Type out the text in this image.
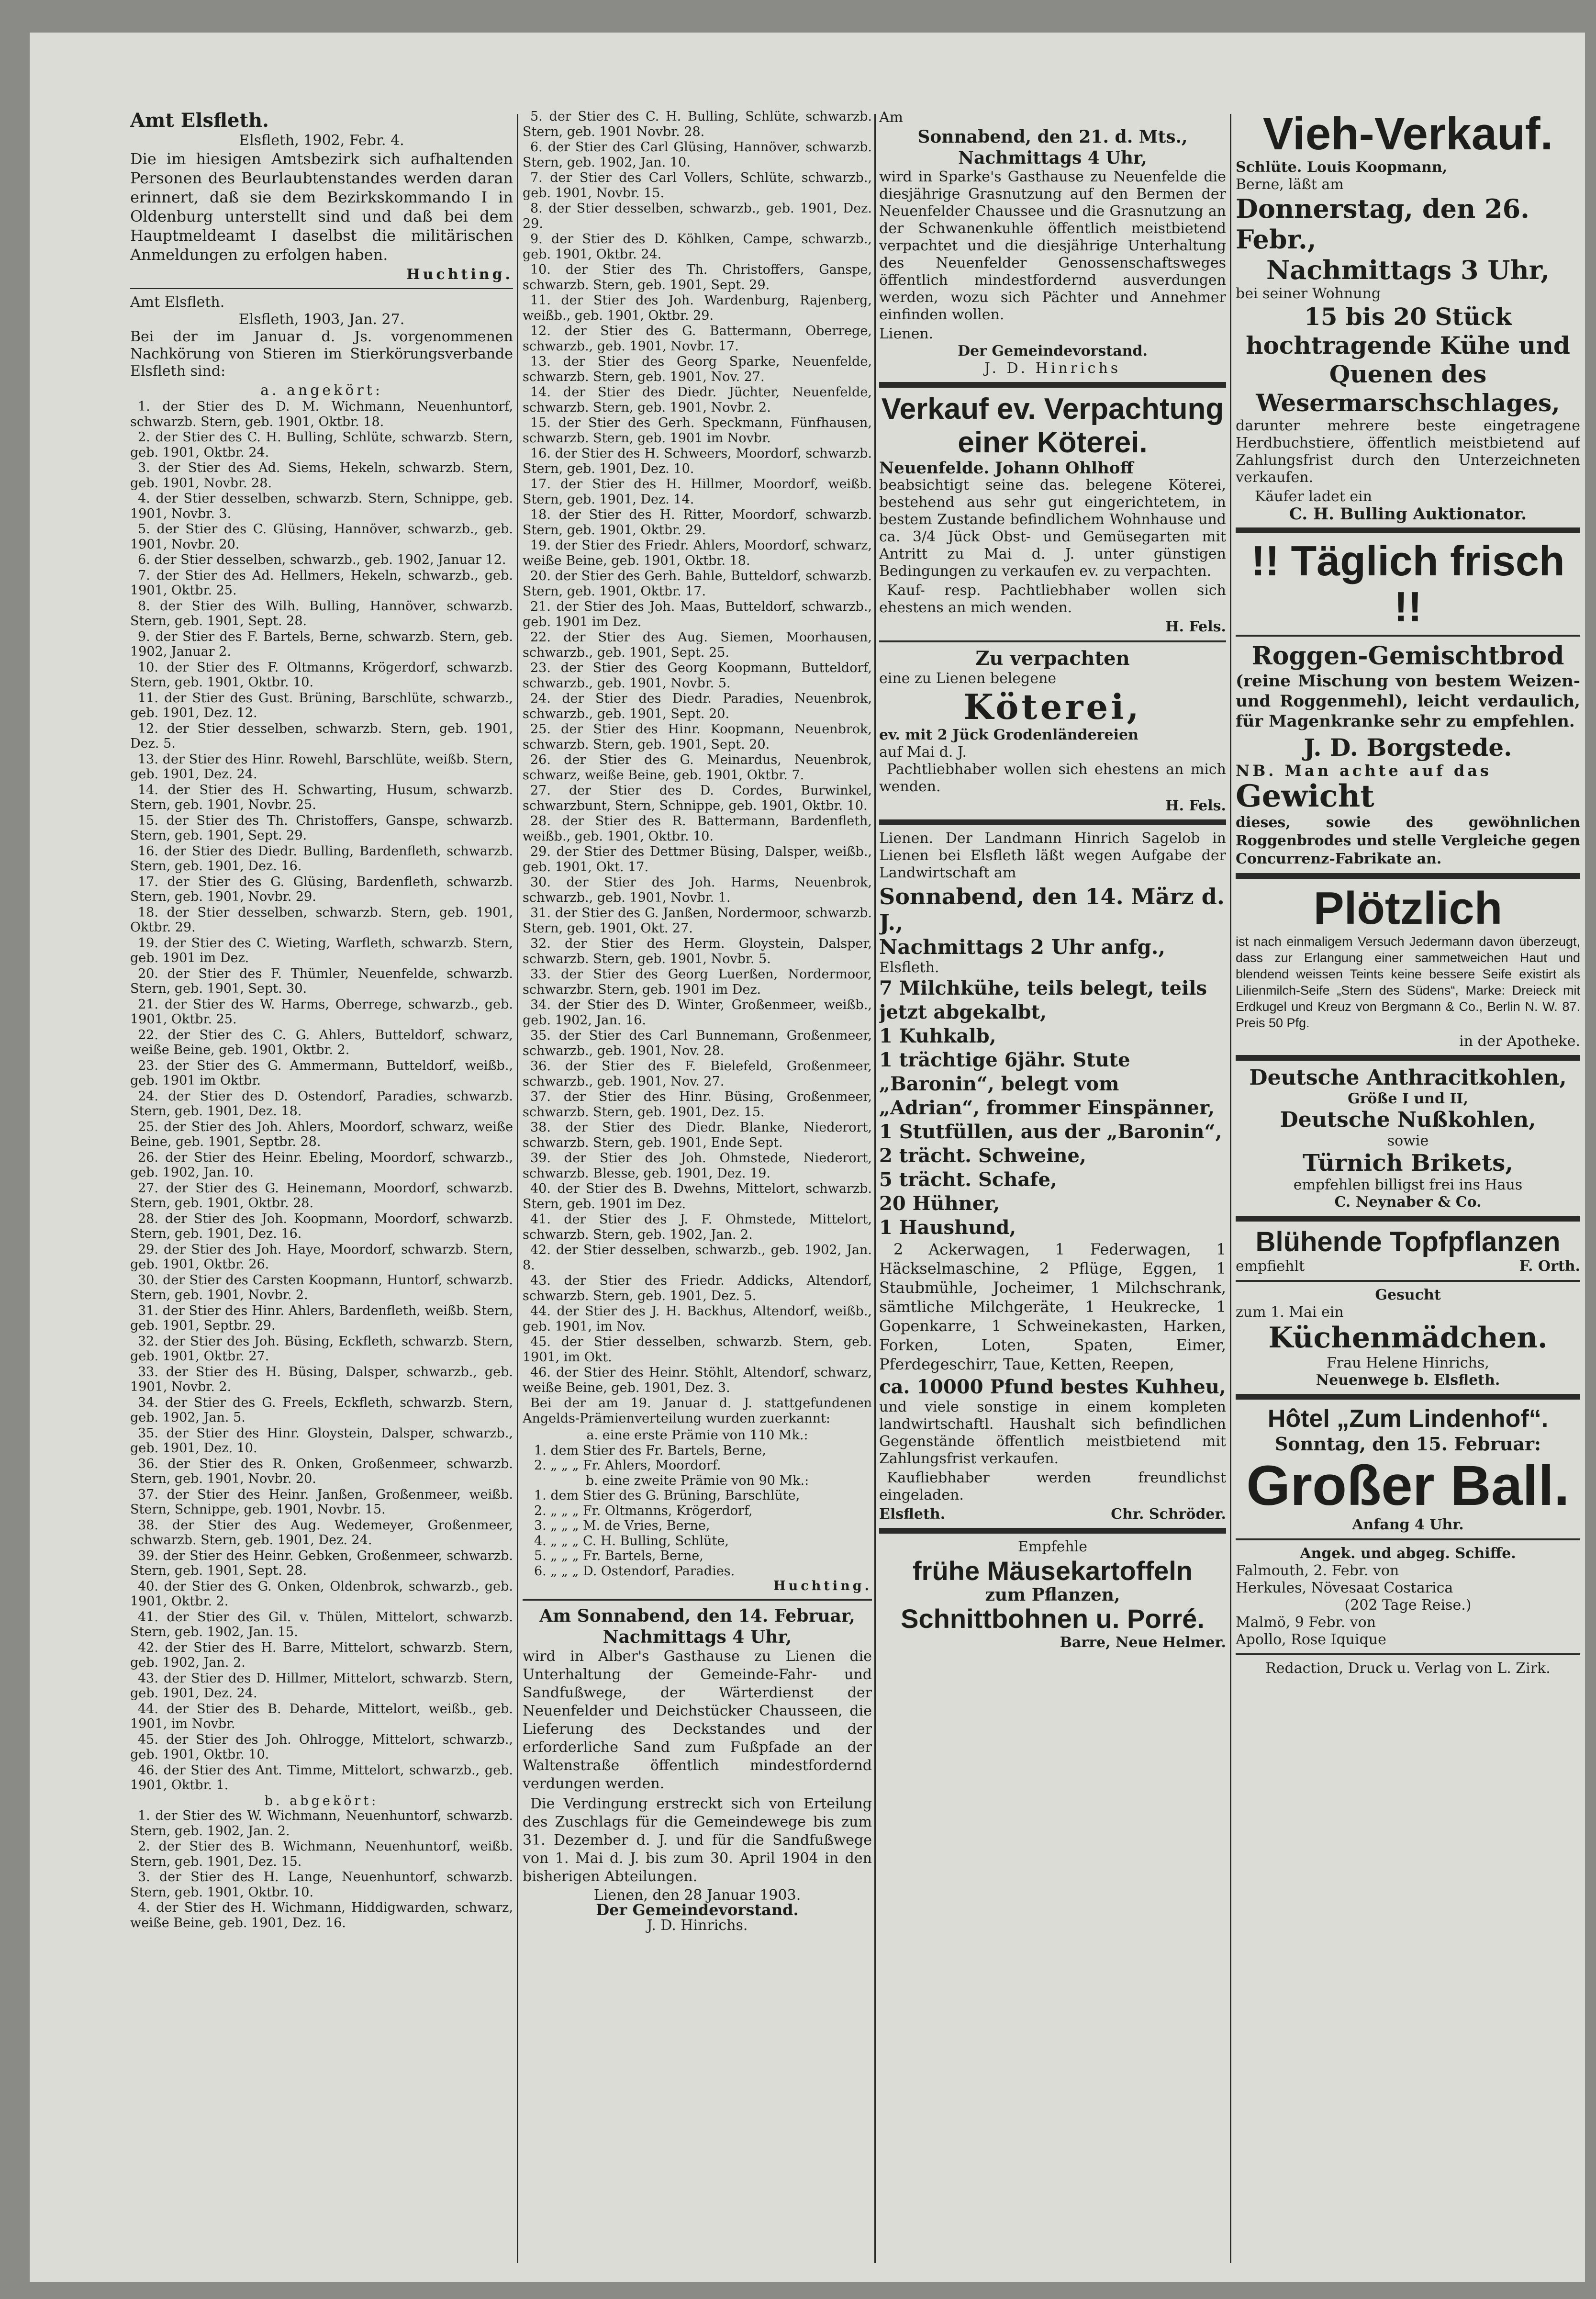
Amt Elsfleth.
Elsfleth, 1902, Febr. 4.

Die im hiesigen Amtsbezirk sich aufhaltenden Personen des Beurlaubtenstandes werden daran erinnert, daß sie dem Bezirkskommando I in Oldenburg unterstellt sind und daß bei dem Hauptmeldeamt I daselbst die militärischen Anmeldungen zu erfolgen haben.

Huchting.
Amt Elsfleth.
Elsfleth, 1903, Jan. 27.

Bei der im Januar d. Js. vorgenommenen Nachkörung von Stieren im Stierkörungsverbande Elsfleth sind:

a. angekört:
1. der Stier des D. M. Wichmann, Neuenhuntorf, schwarzb. Stern, geb. 1901, Oktbr. 18.
2. der Stier des C. H. Bulling, Schlüte, schwarzb. Stern, geb. 1901, Oktbr. 24.
3. der Stier des Ad. Siems, Hekeln, schwarzb. Stern, geb. 1901, Novbr. 28.
4. der Stier desselben, schwarzb. Stern, Schnippe, geb. 1901, Novbr. 3.
5. der Stier des C. Glüsing, Hannöver, schwarzb., geb. 1901, Novbr. 20.
6. der Stier desselben, schwarzb., geb. 1902, Januar 12.
7. der Stier des Ad. Hellmers, Hekeln, schwarzb., geb. 1901, Oktbr. 25.
8. der Stier des Wilh. Bulling, Hannöver, schwarzb. Stern, geb. 1901, Sept. 28.
9. der Stier des F. Bartels, Berne, schwarzb. Stern, geb. 1902, Januar 2.
10. der Stier des F. Oltmanns, Krögerdorf, schwarzb. Stern, geb. 1901, Oktbr. 10.
11. der Stier des Gust. Brüning, Barschlüte, schwarzb., geb. 1901, Dez. 12.
12. der Stier desselben, schwarzb. Stern, geb. 1901, Dez. 5.
13. der Stier des Hinr. Rowehl, Barschlüte, weißb. Stern, geb. 1901, Dez. 24.
14. der Stier des H. Schwarting, Husum, schwarzb. Stern, geb. 1901, Novbr. 25.
15. der Stier des Th. Christoffers, Ganspe, schwarzb. Stern, geb. 1901, Sept. 29.
16. der Stier des Diedr. Bulling, Bardenfleth, schwarzb. Stern, geb. 1901, Dez. 16.
17. der Stier des G. Glüsing, Bardenfleth, schwarzb. Stern, geb. 1901, Novbr. 29.
18. der Stier desselben, schwarzb. Stern, geb. 1901, Oktbr. 29.
19. der Stier des C. Wieting, Warfleth, schwarzb. Stern, geb. 1901 im Dez.
20. der Stier des F. Thümler, Neuenfelde, schwarzb. Stern, geb. 1901, Sept. 30.
21. der Stier des W. Harms, Oberrege, schwarzb., geb. 1901, Oktbr. 25.
22. der Stier des C. G. Ahlers, Butteldorf, schwarz, weiße Beine, geb. 1901, Oktbr. 2.
23. der Stier des G. Ammermann, Butteldorf, weißb., geb. 1901 im Oktbr.
24. der Stier des D. Ostendorf, Paradies, schwarzb. Stern, geb. 1901, Dez. 18.
25. der Stier des Joh. Ahlers, Moordorf, schwarz, weiße Beine, geb. 1901, Septbr. 28.
26. der Stier des Heinr. Ebeling, Moordorf, schwarzb., geb. 1902, Jan. 10.
27. der Stier des G. Heinemann, Moordorf, schwarzb. Stern, geb. 1901, Oktbr. 28.
28. der Stier des Joh. Koopmann, Moordorf, schwarzb. Stern, geb. 1901, Dez. 16.
29. der Stier des Joh. Haye, Moordorf, schwarzb. Stern, geb. 1901, Oktbr. 26.
30. der Stier des Carsten Koopmann, Huntorf, schwarzb. Stern, geb. 1901, Novbr. 2.
31. der Stier des Hinr. Ahlers, Bardenfleth, weißb. Stern, geb. 1901, Septbr. 29.
32. der Stier des Joh. Büsing, Eckfleth, schwarzb. Stern, geb. 1901, Oktbr. 27.
33. der Stier des H. Büsing, Dalsper, schwarzb., geb. 1901, Novbr. 2.
34. der Stier des G. Freels, Eckfleth, schwarzb. Stern, geb. 1902, Jan. 5.
35. der Stier des Hinr. Gloystein, Dalsper, schwarzb., geb. 1901, Dez. 10.
36. der Stier des R. Onken, Großenmeer, schwarzb. Stern, geb. 1901, Novbr. 20.
37. der Stier des Heinr. Janßen, Großenmeer, weißb. Stern, Schnippe, geb. 1901, Novbr. 15.
38. der Stier des Aug. Wedemeyer, Großenmeer, schwarzb. Stern, geb. 1901, Dez. 24.
39. der Stier des Heinr. Gebken, Großenmeer, schwarzb. Stern, geb. 1901, Sept. 28.
40. der Stier des G. Onken, Oldenbrok, schwarzb., geb. 1901, Oktbr. 2.
41. der Stier des Gil. v. Thülen, Mittelort, schwarzb. Stern, geb. 1902, Jan. 15.
42. der Stier des H. Barre, Mittelort, schwarzb. Stern, geb. 1902, Jan. 2.
43. der Stier des D. Hillmer, Mittelort, schwarzb. Stern, geb. 1901, Dez. 24.
44. der Stier des B. Deharde, Mittelort, weißb., geb. 1901, im Novbr.
45. der Stier des Joh. Ohlrogge, Mittelort, schwarzb., geb. 1901, Oktbr. 10.
46. der Stier des Ant. Timme, Mittelort, schwarzb., geb. 1901, Oktbr. 1.
b. abgekört:
1. der Stier des W. Wichmann, Neuenhuntorf, schwarzb. Stern, geb. 1902, Jan. 2.
2. der Stier des B. Wichmann, Neuenhuntorf, weißb. Stern, geb. 1901, Dez. 15.
3. der Stier des H. Lange, Neuenhuntorf, schwarzb. Stern, geb. 1901, Oktbr. 10.
4. der Stier des H. Wichmann, Hiddigwarden, schwarz, weiße Beine, geb. 1901, Dez. 16.
5. der Stier des C. H. Bulling, Schlüte, schwarzb. Stern, geb. 1901 Novbr. 28.
6. der Stier des Carl Glüsing, Hannöver, schwarzb. Stern, geb. 1902, Jan. 10.
7. der Stier des Carl Vollers, Schlüte, schwarzb., geb. 1901, Novbr. 15.
8. der Stier desselben, schwarzb., geb. 1901, Dez. 29.
9. der Stier des D. Köhlken, Campe, schwarzb., geb. 1901, Oktbr. 24.
10. der Stier des Th. Christoffers, Ganspe, schwarzb. Stern, geb. 1901, Sept. 29.
11. der Stier des Joh. Wardenburg, Rajenberg, weißb., geb. 1901, Oktbr. 29.
12. der Stier des G. Battermann, Oberrege, schwarzb., geb. 1901, Novbr. 17.
13. der Stier des Georg Sparke, Neuenfelde, schwarzb. Stern, geb. 1901, Nov. 27.
14. der Stier des Diedr. Jüchter, Neuenfelde, schwarzb. Stern, geb. 1901, Novbr. 2.
15. der Stier des Gerh. Speckmann, Fünfhausen, schwarzb. Stern, geb. 1901 im Novbr.
16. der Stier des H. Schweers, Moordorf, schwarzb. Stern, geb. 1901, Dez. 10.
17. der Stier des H. Hillmer, Moordorf, weißb. Stern, geb. 1901, Dez. 14.
18. der Stier des H. Ritter, Moordorf, schwarzb. Stern, geb. 1901, Oktbr. 29.
19. der Stier des Friedr. Ahlers, Moordorf, schwarz, weiße Beine, geb. 1901, Oktbr. 18.
20. der Stier des Gerh. Bahle, Butteldorf, schwarzb. Stern, geb. 1901, Oktbr. 17.
21. der Stier des Joh. Maas, Butteldorf, schwarzb., geb. 1901 im Dez.
22. der Stier des Aug. Siemen, Moorhausen, schwarzb., geb. 1901, Sept. 25.
23. der Stier des Georg Koopmann, Butteldorf, schwarzb., geb. 1901, Novbr. 5.
24. der Stier des Diedr. Paradies, Neuenbrok, schwarzb., geb. 1901, Sept. 20.
25. der Stier des Hinr. Koopmann, Neuenbrok, schwarzb. Stern, geb. 1901, Sept. 20.
26. der Stier des G. Meinardus, Neuenbrok, schwarz, weiße Beine, geb. 1901, Oktbr. 7.
27. der Stier des D. Cordes, Burwinkel, schwarzbunt, Stern, Schnippe, geb. 1901, Oktbr. 10.
28. der Stier des R. Battermann, Bardenfleth, weißb., geb. 1901, Oktbr. 10.
29. der Stier des Dettmer Büsing, Dalsper, weißb., geb. 1901, Okt. 17.
30. der Stier des Joh. Harms, Neuenbrok, schwarzb., geb. 1901, Novbr. 1.
31. der Stier des G. Janßen, Nordermoor, schwarzb. Stern, geb. 1901, Okt. 27.
32. der Stier des Herm. Gloystein, Dalsper, schwarzb. Stern, geb. 1901, Novbr. 5.
33. der Stier des Georg Luerßen, Nordermoor, schwarzbr. Stern, geb. 1901 im Dez.
34. der Stier des D. Winter, Großenmeer, weißb., geb. 1902, Jan. 16.
35. der Stier des Carl Bunnemann, Großenmeer, schwarzb., geb. 1901, Nov. 28.
36. der Stier des F. Bielefeld, Großenmeer, schwarzb., geb. 1901, Nov. 27.
37. der Stier des Hinr. Büsing, Großenmeer, schwarzb. Stern, geb. 1901, Dez. 15.
38. der Stier des Diedr. Blanke, Niederort, schwarzb. Stern, geb. 1901, Ende Sept.
39. der Stier des Joh. Ohmstede, Niederort, schwarzb. Blesse, geb. 1901, Dez. 19.
40. der Stier des B. Dwehns, Mittelort, schwarzb. Stern, geb. 1901 im Dez.
41. der Stier des J. F. Ohmstede, Mittelort, schwarzb. Stern, geb. 1902, Jan. 2.
42. der Stier desselben, schwarzb., geb. 1902, Jan. 8.
43. der Stier des Friedr. Addicks, Altendorf, schwarzb. Stern, geb. 1901, Dez. 5.
44. der Stier des J. H. Backhus, Altendorf, weißb., geb. 1901, im Nov.
45. der Stier desselben, schwarzb. Stern, geb. 1901, im Okt.
46. der Stier des Heinr. Stöhlt, Altendorf, schwarz, weiße Beine, geb. 1901, Dez. 3.

Bei der am 19. Januar d. J. stattgefundenen Angelds-Prämienverteilung wurden zuerkannt:

a. eine erste Prämie von 110 Mk.:
1. dem Stier des Fr. Bartels, Berne,
2. „ „ „ Fr. Ahlers, Moordorf.
b. eine zweite Prämie von 90 Mk.:
1. dem Stier des G. Brüning, Barschlüte,
2. „ „ „ Fr. Oltmanns, Krögerdorf,
3. „ „ „ M. de Vries, Berne,
4. „ „ „ C. H. Bulling, Schlüte,
5. „ „ „ Fr. Bartels, Berne,
6. „ „ „ D. Ostendorf, Paradies.
Huchting.
Am Sonnabend, den 14. Februar,
Nachmittags 4 Uhr,

wird in Alber's Gasthause zu Lienen die Unterhaltung der Gemeinde-Fahr- und Sandfußwege, der Wärterdienst der Neuenfelder und Deichstücker Chausseen, die Lieferung des Deckstandes und der erforderliche Sand zum Fußpfade an der Waltenstraße öffentlich mindestfordernd verdungen werden.

Die Verdingung erstreckt sich von Erteilung des Zuschlags für die Gemeindewege bis zum 31. Dezember d. J. und für die Sandfußwege von 1. Mai d. J. bis zum 30. April 1904 in den bisherigen Abteilungen.

Lienen, den 28 Januar 1903.
Der Gemeindevorstand.
J. D. Hinrichs.
Am
Sonnabend, den 21. d. Mts.,
Nachmittags 4 Uhr,

wird in Sparke's Gasthause zu Neuenfelde die diesjährige Grasnutzung auf den Bermen der Neuenfelder Chaussee und die Grasnutzung an der Schwanenkuhle öffentlich meistbietend verpachtet und die diesjährige Unterhaltung des Neuenfelder Genossenschaftsweges öffentlich mindestfordernd ausverdungen werden, wozu sich Pächter und Annehmer einfinden wollen.

Lienen.
Der Gemeindevorstand.
J. D. Hinrichs
Verkauf ev. Verpachtung einer Köterei.
Neuenfelde. Johann Ohlhoff

beabsichtigt seine das. belegene Köterei, bestehend aus sehr gut eingerichtetem, in bestem Zustande befindlichem Wohnhause und ca. 3/4 Jück Obst- und Gemüsegarten mit Antritt zu Mai d. J. unter günstigen Bedingungen zu verkaufen ev. zu verpachten.

Kauf- resp. Pachtliebhaber wollen sich ehestens an mich wenden.

H. Fels.
Zu verpachten
eine zu Lienen belegene
Köterei,
ev. mit 2 Jück Grodenländereien
auf Mai d. J.

Pachtliebhaber wollen sich ehestens an mich wenden.

H. Fels.

Lienen. Der Landmann Hinrich Sagelob in Lienen bei Elsfleth läßt wegen Aufgabe der Landwirtschaft am

Sonnabend, den 14. März d. J.,
Nachmittags 2 Uhr anfg.,
Elsfleth.
7 Milchkühe, teils belegt, teils jetzt abgekalbt,
1 Kuhkalb,
1 trächtige 6jähr. Stute „Baronin“, belegt vom „Adrian“, frommer Einspänner,
1 Stutfüllen, aus der „Baronin“,
2 trächt. Schweine,
5 trächt. Schafe,
20 Hühner,
1 Haushund,

2 Ackerwagen, 1 Federwagen, 1 Häckselmaschine, 2 Pflüge, Eggen, 1 Staubmühle, Jocheimer, 1 Milchschrank, sämtliche Milchgeräte, 1 Heukrecke, 1 Gopenkarre, 1 Schweinekasten, Harken, Forken, Loten, Spaten, Eimer, Pferdegeschirr, Taue, Ketten, Reepen,

ca. 10000 Pfund bestes Kuhheu,

und viele sonstige in einem kompleten landwirtschaftl. Haushalt sich befindlichen Gegenstände öffentlich meistbietend mit Zahlungsfrist verkaufen.

Kaufliebhaber werden freundlichst eingeladen.

Elsfleth.	Chr. Schröder.
Empfehle
frühe Mäusekartoffeln
zum Pflanzen,
Schnittbohnen u. Porré.
Barre, Neue Helmer.
Vieh-Verkauf.
Schlüte. Louis Koopmann,
Berne, läßt am
Donnerstag, den 26. Febr.,
Nachmittags 3 Uhr,
bei seiner Wohnung
15 bis 20 Stück hochtragende Kühe und Quenen des Wesermarschschlages,

darunter mehrere beste eingetragene Herdbuchstiere, öffentlich meistbietend auf Zahlungsfrist durch den Unterzeichneten verkaufen.

Käufer ladet ein
C. H. Bulling Auktionator.
!! Täglich frisch !!
Roggen-Gemischtbrod

(reine Mischung von bestem Weizen- und Roggenmehl), leicht verdaulich, für Magenkranke sehr zu empfehlen.

J. D. Borgstede.
NB. Man achte auf das
Gewicht

dieses, sowie des gewöhnlichen Roggenbrodes und stelle Vergleiche gegen Concurrenz-Fabrikate an.

Plötzlich

ist nach einmaligem Versuch Jedermann davon überzeugt, dass zur Erlangung einer sammetweichen Haut und blendend weissen Teints keine bessere Seife existirt als Lilienmilch-Seife „Stern des Südens“, Marke: Dreieck mit Erdkugel und Kreuz von Bergmann & Co., Berlin N. W. 87. Preis 50 Pfg.

in der Apotheke.
Deutsche Anthracitkohlen,
Größe I und II,
Deutsche Nußkohlen,
sowie
Türnich Brikets,
empfehlen billigst frei ins Haus
C. Neynaber & Co.
Blühende Topfpflanzen
empfiehlt	F. Orth.
Gesucht
zum 1. Mai ein
Küchenmädchen.
Frau Helene Hinrichs,
Neuenwege b. Elsfleth.
Hôtel „Zum Lindenhof“.
Sonntag, den 15. Februar:
Großer Ball.
Anfang 4 Uhr.
Angek. und abgeg. Schiffe.
Falmouth, 2. Febr. von
Herkules, Növesaat Costarica
(202 Tage Reise.)
Malmö, 9 Febr. von
Apollo, Rose Iquique
Redaction, Druck u. Verlag von L. Zirk.
